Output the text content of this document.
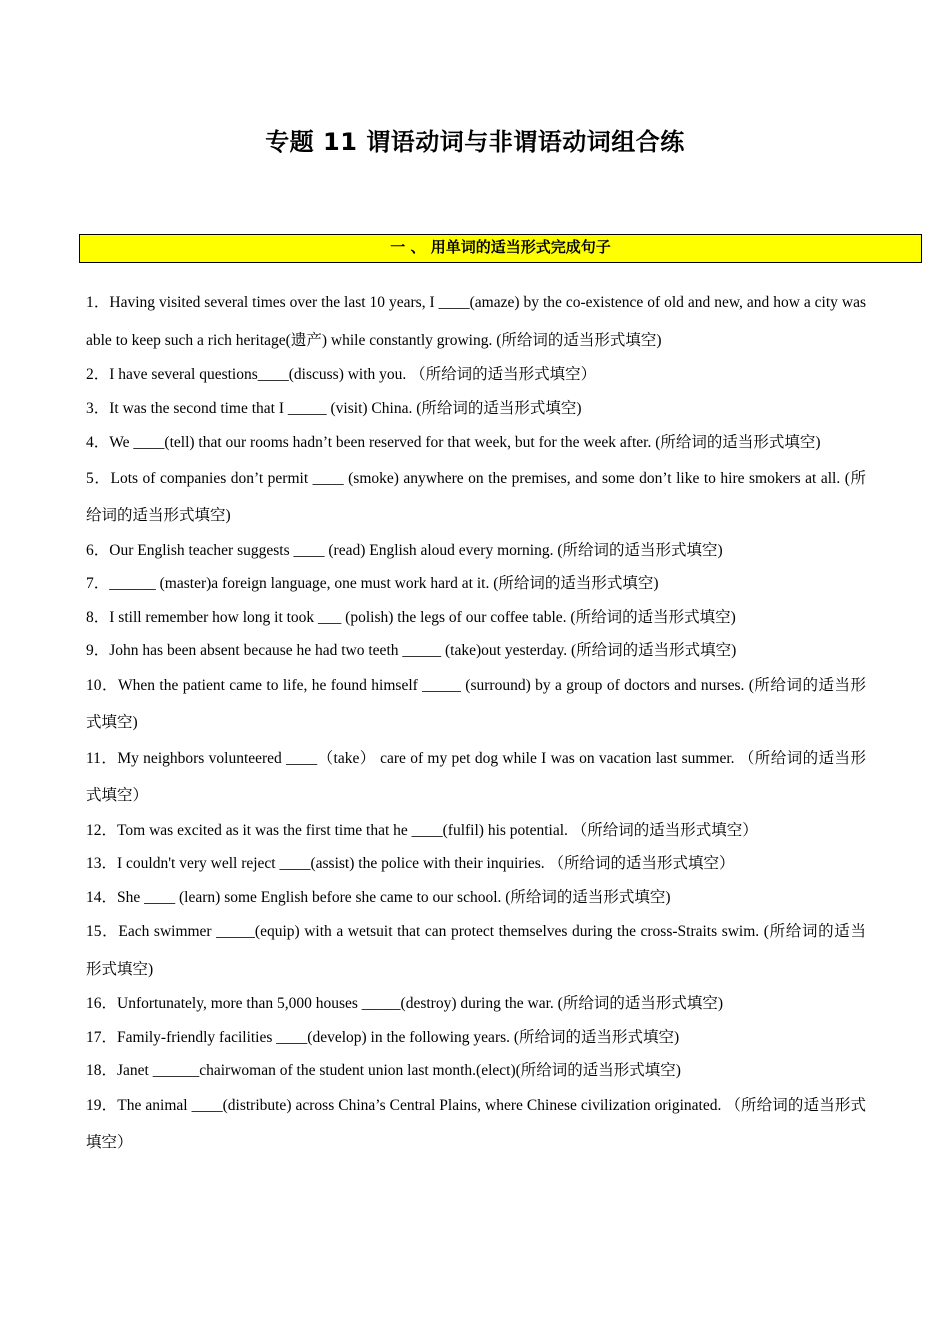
专题 11 谓语动词与非谓语动词组合练
一 、 用单词的适当形式完成句子
1．Having visited several times over the last 10 years, I ____(amaze) by the co-existence of old and new, and how a city was able to keep such a rich heritage(遗产) while constantly growing. (所给词的适当形式填空)
2．I have several questions____(discuss) with you. （所给词的适当形式填空）
3．It was the second time that I _____ (visit) China. (所给词的适当形式填空)
4．We ____(tell) that our rooms hadn’t been reserved for that week, but for the week after. (所给词的适当形式填空)
5．Lots of companies don’t permit ____ (smoke) anywhere on the premises, and some don’t like to hire smokers at all. (所给词的适当形式填空)
6．Our English teacher suggests ____ (read) English aloud every morning. (所给词的适当形式填空)
7．______ (master)a foreign language, one must work hard at it. (所给词的适当形式填空)
8．I still remember how long it took ___ (polish) the legs of our coffee table. (所给词的适当形式填空)
9．John has been absent because he had two teeth _____ (take)out yesterday. (所给词的适当形式填空)
10．When the patient came to life, he found himself _____ (surround) by a group of doctors and nurses. (所给词的适当形式填空)
11．My neighbors volunteered ____（take） care of my pet dog while I was on vacation last summer. （所给词的适当形式填空）
12．Tom was excited as it was the first time that he ____(fulfil) his potential. （所给词的适当形式填空）
13．I couldn't very well reject ____(assist) the police with their inquiries. （所给词的适当形式填空）
14．She ____ (learn) some English before she came to our school. (所给词的适当形式填空)
15．Each swimmer _____(equip) with a wetsuit that can protect themselves during the cross-Straits swim. (所给词的适当形式填空)
16．Unfortunately, more than 5,000 houses _____(destroy) during the war. (所给词的适当形式填空)
17．Family-friendly facilities ____(develop) in the following years. (所给词的适当形式填空)
18．Janet ______chairwoman of the student union last month.(elect)(所给词的适当形式填空)
19．The animal ____(distribute) across China’s Central Plains, where Chinese civilization originated. （所给词的适当形式填空）
